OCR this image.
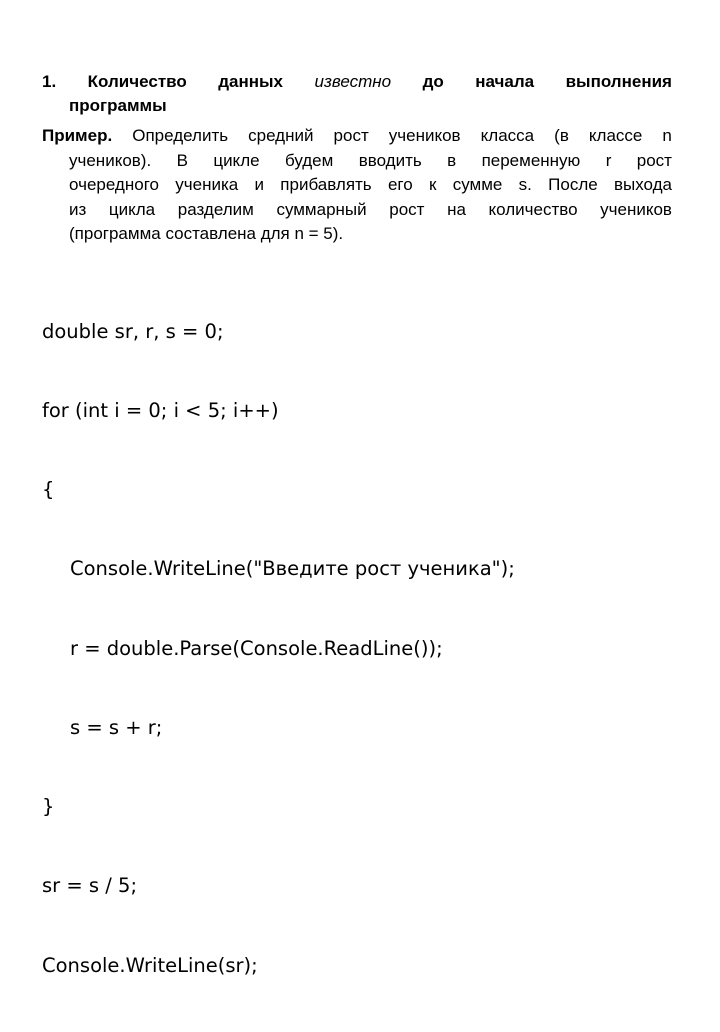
1. Количество данных известно до начала выполнения
программы
Пример. Определить средний рост учеников класса (в классе n
учеников). В цикле будем вводить в переменную r рост
очередного ученика и прибавлять его к сумме s. После выхода
из цикла разделим суммарный рост на количество учеников
(программа составлена для n = 5).

double sr, r, s = 0;

for (int i = 0; i < 5; i++)

{

Console.WriteLine("Введите рост ученика");

r = double.Parse(Console.ReadLine());

s = s + r;

}

sr = s / 5;

Console.WriteLine(sr);
